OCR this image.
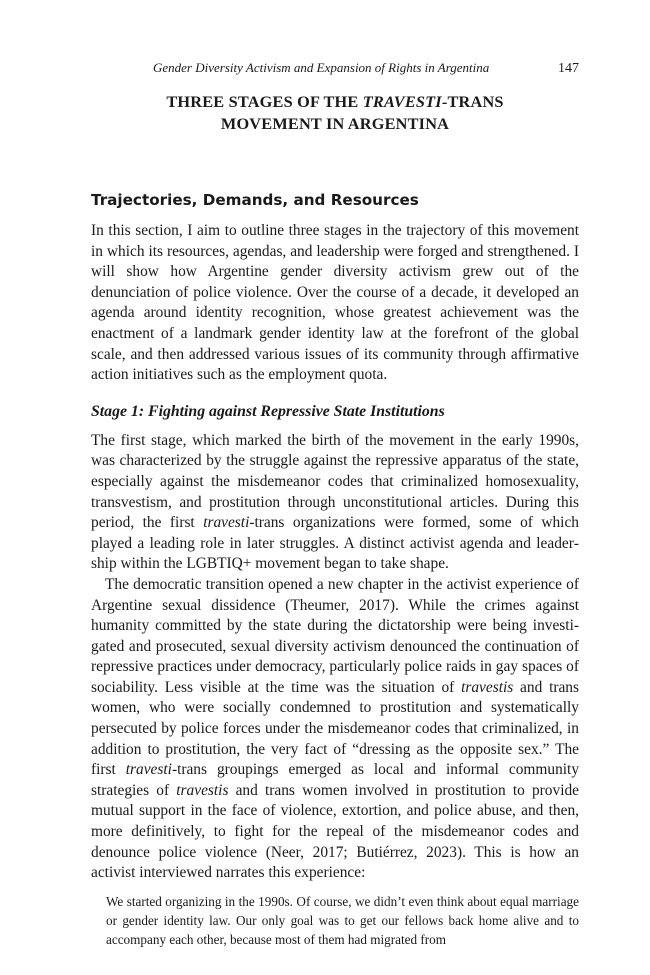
Gender Diversity Activism and Expansion of Rights in Argentina	147
THREE STAGES OF THE TRAVESTI-TRANS
MOVEMENT IN ARGENTINA
Trajectories, Demands, and Resources

In this section, I aim to outline three stages in the trajectory of this movement in which its resources, agendas, and leadership were forged and strengthened. I will show how Argentine gender diversity activism grew out of the denunciation of police violence. Over the course of a decade, it developed an agenda around identity recognition, whose greatest achievement was the enactment of a landmark gender identity law at the forefront of the global scale, and then addressed various issues of its community through affirmative action initiatives such as the employment quota.

Stage 1: Fighting against Repressive State Institutions

The first stage, which marked the birth of the movement in the early 1990s, was characterized by the struggle against the repressive apparatus of the state, especially against the misdemeanor codes that criminalized homosexuality, transvestism, and prostitution through unconstitutional articles. During this period, the first travesti-trans organizations were formed, some of which played a leading role in later struggles. A distinct activist agenda and leadership within the LGBTIQ+ movement began to take shape.

The democratic transition opened a new chapter in the activist experience of Argentine sexual dissidence (Theumer, 2017). While the crimes against humanity committed by the state during the dictatorship were being investigated and prosecuted, sexual diversity activism denounced the continuation of repressive practices under democracy, particularly police raids in gay spaces of sociability. Less visible at the time was the situation of travestis and trans women, who were socially condemned to prostitution and systematically persecuted by police forces under the misdemeanor codes that criminalized, in addition to prostitution, the very fact of “dressing as the opposite sex.” The first travesti-trans groupings emerged as local and informal community strategies of travestis and trans women involved in prostitution to provide mutual support in the face of violence, extortion, and police abuse, and then, more definitively, to fight for the repeal of the misdemeanor codes and denounce police violence (Neer, 2017; Butiérrez, 2023). This is how an activist interviewed narrates this experience:

We started organizing in the 1990s. Of course, we didn’t even think about equal marriage or gender identity law. Our only goal was to get our fellows back home alive and to accompany each other, because most of them had migrated from
